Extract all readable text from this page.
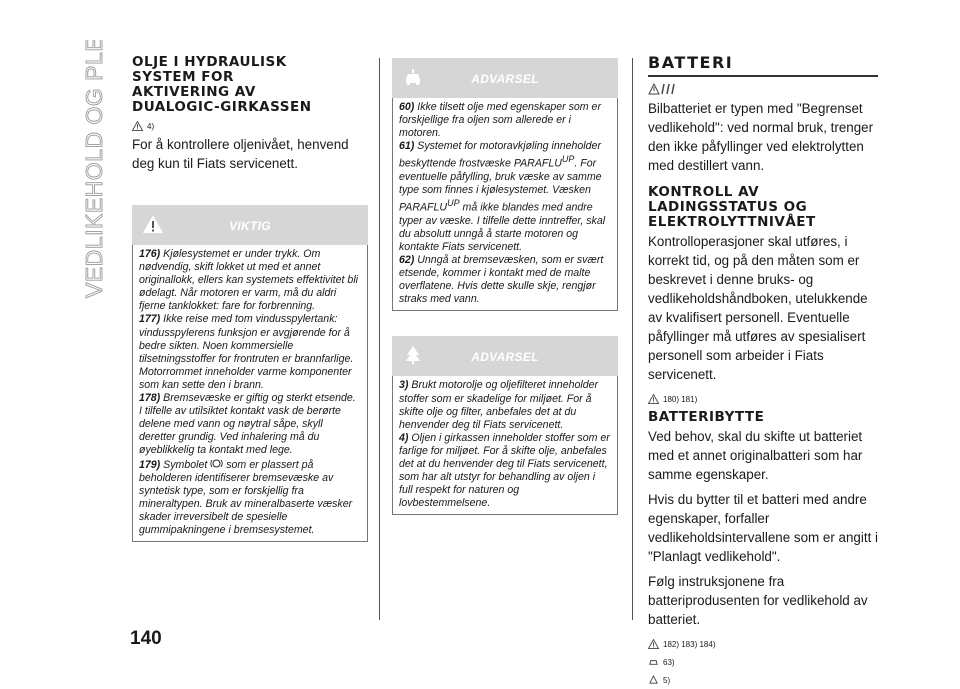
VEDLIKEHOLD OG PLEIE OLJE I HYDRAULISK
SYSTEM FOR
AKTIVERING AV
DUALOGIC-GIRKASSEN
4)

For å kontrollere oljenivået, henvend deg kun til Fiats servicenett.

VIKTIG

176) Kjølesystemet er under trykk. Om nødvendig, skift lokket ut med et annet originallokk, ellers kan systemets effektivitet bli ødelagt. Når motoren er varm, må du aldri fjerne tanklokket: fare for forbrenning.

177) Ikke reise med tom vindusspylertank: vindusspylerens funksjon er avgjørende for å bedre sikten. Noen kommersielle tilsetningsstoffer for frontruten er brannfarlige. Motorrommet inneholder varme komponenter som kan sette den i brann.

178) Bremsevæske er giftig og sterkt etsende. I tilfelle av utilsiktet kontakt vask de berørte delene med vann og nøytral såpe, skyll deretter grundig. Ved inhalering må du øyeblikkelig ta kontakt med lege.

179) Symbolet som er plassert på beholderen identifiserer bremsevæske av syntetisk type, som er forskjellig fra mineraltypen. Bruk av mineralbaserte væsker skader irreversibelt de spesielle gummipakningene i bremsesystemet.

ADVARSEL

60) Ikke tilsett olje med egenskaper som er forskjellige fra oljen som allerede er i motoren.

61) Systemet for motoravkjøling inneholder beskyttende frostvæske $PARAFLU^{UP}$. For eventuelle påfylling, bruk væske av samme type som finnes i kjølesystemet. Væsken $PARAFLU^{UP}$ må ikke blandes med andre typer av væske. I tilfelle dette inntreffer, skal du absolutt unngå å starte motoren og kontakte Fiats servicenett.

62) Unngå at bremsevæsken, som er svært etsende, kommer i kontakt med de malte overflatene. Hvis dette skulle skje, rengjør straks med vann.

ADVARSEL

3) Brukt motorolje og oljefilteret inneholder stoffer som er skadelige for miljøet. For å skifte olje og filter, anbefales det at du henvender deg til Fiats servicenett.

4) Oljen i girkassen inneholder stoffer som er farlige for miljøet. For å skifte olje, anbefales det at du henvender deg til Fiats servicenett, som har alt utstyr for behandling av oljen i full respekt for naturen og lovbestemmelsene.

BATTERI

Bilbatteriet er typen med "Begrenset vedlikehold": ved normal bruk, trenger den ikke påfyllinger ved elektrolytten med destillert vann.

KONTROLL AV
LADINGSSTATUS OG
ELEKTROLYTTNIVÅET

Kontrolloperasjoner skal utføres, i korrekt tid, og på den måten som er beskrevet i denne bruks- og vedlikeholdshåndboken, utelukkende av kvalifisert personell. Eventuelle påfyllinger må utføres av spesialisert personell som arbeider i Fiats servicenett.

180) 181)
BATTERIBYTTE

Ved behov, skal du skifte ut batteriet med et annet originalbatteri som har samme egenskaper.

Hvis du bytter til et batteri med andre egenskaper, forfaller vedlikeholdsintervallene som er angitt i "Planlagt vedlikehold".

Følg instruksjonene fra batteriprodusenten for vedlikehold av batteriet.

182) 183) 184)
63)
5)
140
